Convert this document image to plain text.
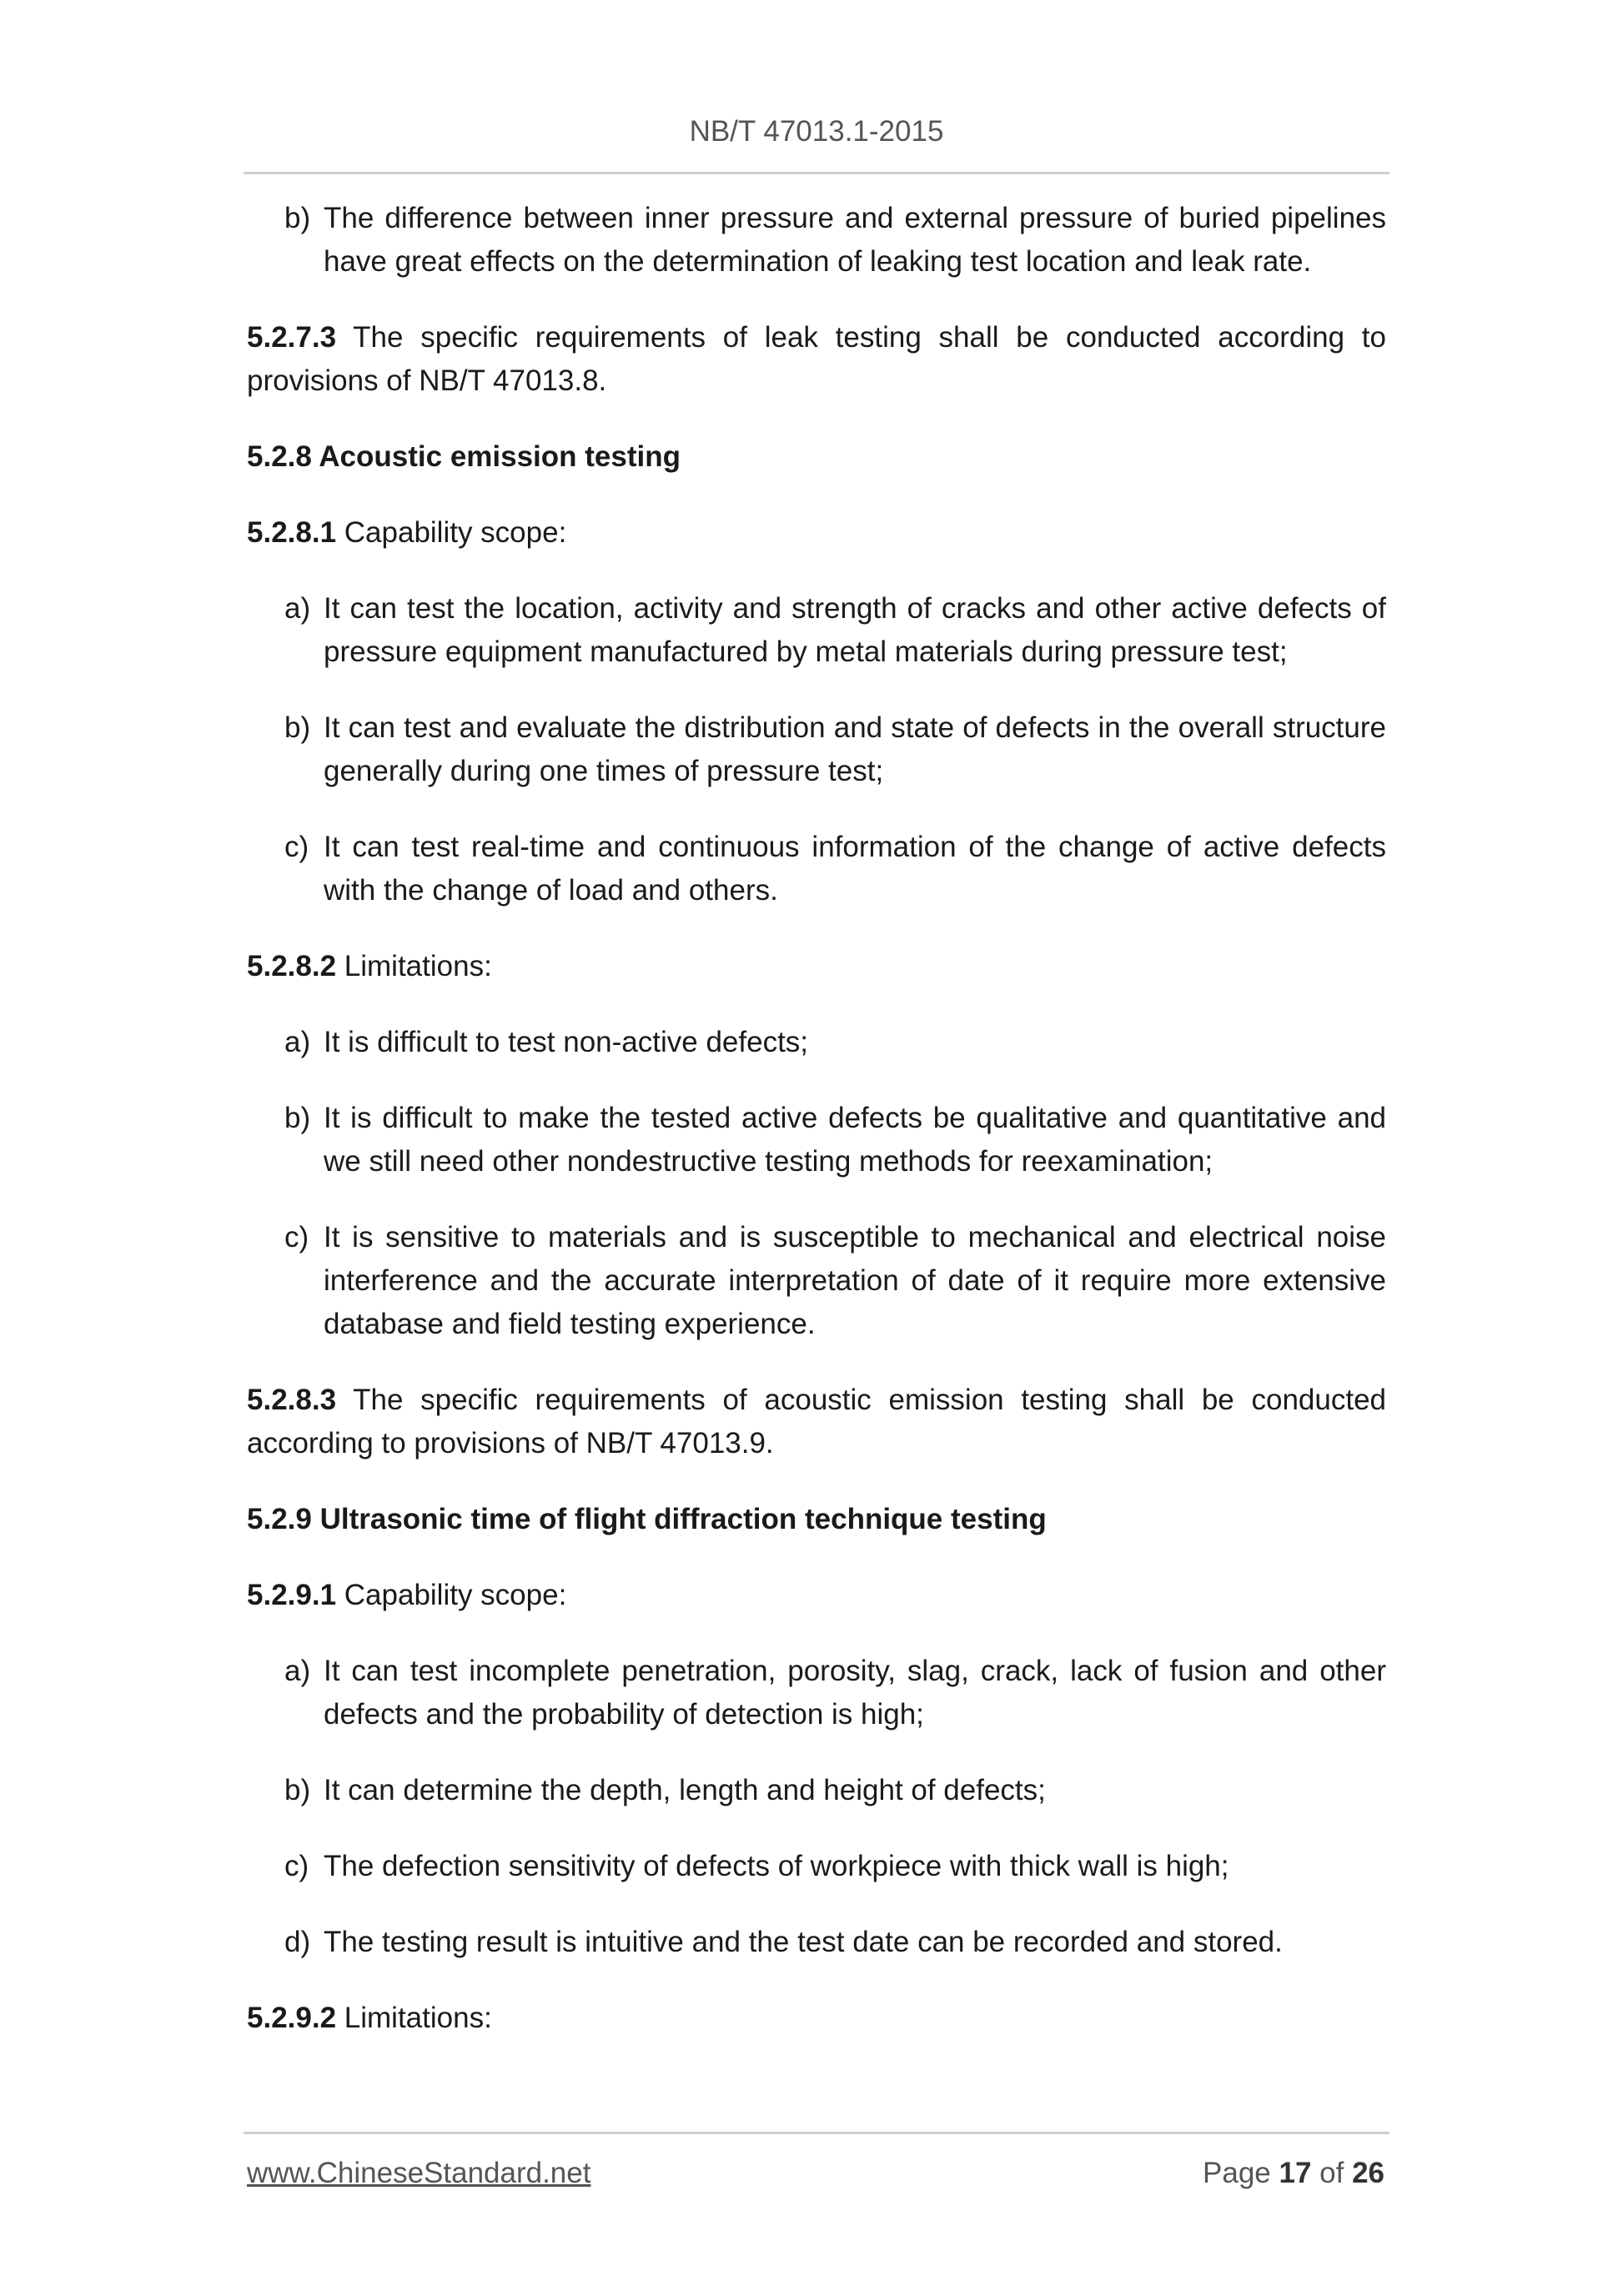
NB/T 47013.1-2015
b) The difference between inner pressure and external pressure of buried pipelines have great effects on the determination of leaking test location and leak rate.

5.2.7.3 The specific requirements of leak testing shall be conducted according to provisions of NB/T 47013.8.

5.2.8 Acoustic emission testing

5.2.8.1 Capability scope:

a) It can test the location, activity and strength of cracks and other active defects of pressure equipment manufactured by metal materials during pressure test;
b) It can test and evaluate the distribution and state of defects in the overall structure generally during one times of pressure test;
c) It can test real-time and continuous information of the change of active defects with the change of load and others.

5.2.8.2 Limitations:

a) It is difficult to test non-active defects;
b) It is difficult to make the tested active defects be qualitative and quantitative and we still need other nondestructive testing methods for reexamination;
c) It is sensitive to materials and is susceptible to mechanical and electrical noise interference and the accurate interpretation of date of it require more extensive database and field testing experience.

5.2.8.3 The specific requirements of acoustic emission testing shall be conducted according to provisions of NB/T 47013.9.

5.2.9 Ultrasonic time of flight diffraction technique testing

5.2.9.1 Capability scope:

a) It can test incomplete penetration, porosity, slag, crack, lack of fusion and other defects and the probability of detection is high;
b) It can determine the depth, length and height of defects;
c) The defection sensitivity of defects of workpiece with thick wall is high;
d) The testing result is intuitive and the test date can be recorded and stored.

5.2.9.2 Limitations:

www.ChineseStandard.net	Page 17 of 26
